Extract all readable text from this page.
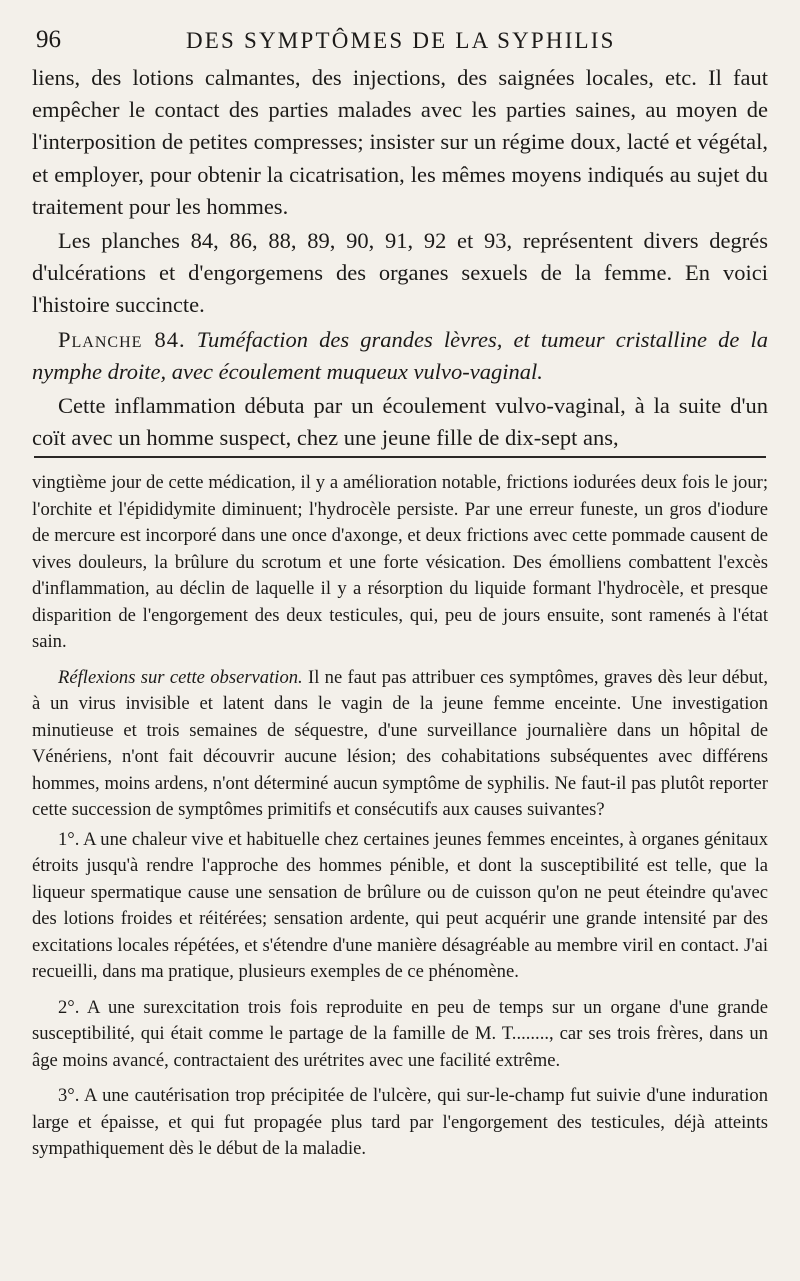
96	DES SYMPTÔMES DE LA SYPHILIS

liens, des lotions calmantes, des injections, des saignées locales, etc. Il faut empêcher le contact des parties malades avec les parties saines, au moyen de l'interposition de petites compresses; insister sur un régime doux, lacté et végétal, et employer, pour obtenir la cicatrisation, les mêmes moyens indiqués au sujet du traitement pour les hommes.

Les planches 84, 86, 88, 89, 90, 91, 92 et 93, représentent divers degrés d'ulcérations et d'engorgemens des organes sexuels de la femme. En voici l'histoire succincte.

Planche 84. Tuméfaction des grandes lèvres, et tumeur cristalline de la nymphe droite, avec écoulement muqueux vulvo-vaginal.

Cette inflammation débuta par un écoulement vulvo-vaginal, à la suite d'un coït avec un homme suspect, chez une jeune fille de dix-sept ans,

vingtième jour de cette médication, il y a amélioration notable, frictions iodurées deux fois le jour; l'orchite et l'épididymite diminuent; l'hydrocèle persiste. Par une erreur funeste, un gros d'iodure de mercure est incorporé dans une once d'axonge, et deux frictions avec cette pommade causent de vives douleurs, la brûlure du scrotum et une forte vésication. Des émolliens combattent l'excès d'inflammation, au déclin de laquelle il y a résorption du liquide formant l'hydrocèle, et presque disparition de l'engorgement des deux testicules, qui, peu de jours ensuite, sont ramenés à l'état sain.

Réflexions sur cette observation. Il ne faut pas attribuer ces symptômes, graves dès leur début, à un virus invisible et latent dans le vagin de la jeune femme enceinte. Une investigation minutieuse et trois semaines de séquestre, d'une surveillance journalière dans un hôpital de Vénériens, n'ont fait découvrir aucune lésion; des cohabitations subséquentes avec différens hommes, moins ardens, n'ont déterminé aucun symptôme de syphilis. Ne faut-il pas plutôt reporter cette succession de symptômes primitifs et consécutifs aux causes suivantes?

1°. A une chaleur vive et habituelle chez certaines jeunes femmes enceintes, à organes génitaux étroits jusqu'à rendre l'approche des hommes pénible, et dont la susceptibilité est telle, que la liqueur spermatique cause une sensation de brûlure ou de cuisson qu'on ne peut éteindre qu'avec des lotions froides et réitérées; sensation ardente, qui peut acquérir une grande intensité par des excitations locales répétées, et s'étendre d'une manière désagréable au membre viril en contact. J'ai recueilli, dans ma pratique, plusieurs exemples de ce phénomène.

2°. A une surexcitation trois fois reproduite en peu de temps sur un organe d'une grande susceptibilité, qui était comme le partage de la famille de M. T........, car ses trois frères, dans un âge moins avancé, contractaient des urétrites avec une facilité extrême.

3°. A une cautérisation trop précipitée de l'ulcère, qui sur-le-champ fut suivie d'une induration large et épaisse, et qui fut propagée plus tard par l'engorgement des testicules, déjà atteints sympathiquement dès le début de la maladie.
